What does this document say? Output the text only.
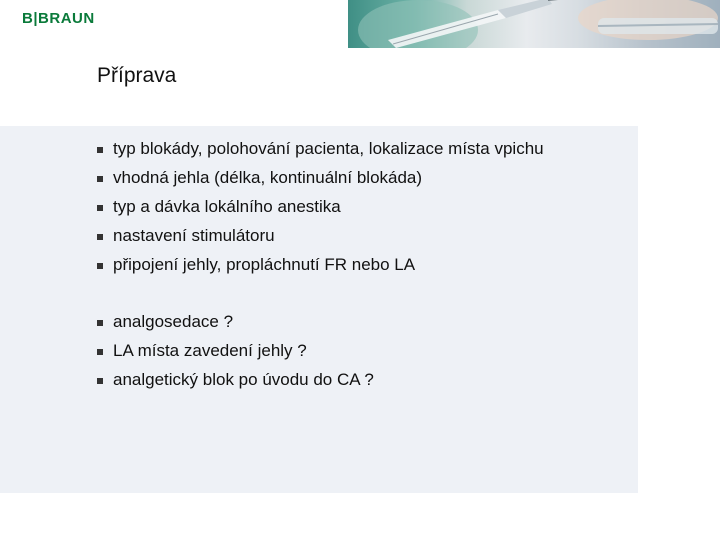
B|BRAUN
Příprava
typ blokády, polohování pacienta, lokalizace místa vpichu
vhodná jehla (délka, kontinuální blokáda)
typ a dávka lokálního anestika
nastavení stimulátoru
připojení jehly, propláchnutí FR nebo LA
analgosedace ?
LA místa zavedení jehly ?
analgetický blok po úvodu do CA ?
